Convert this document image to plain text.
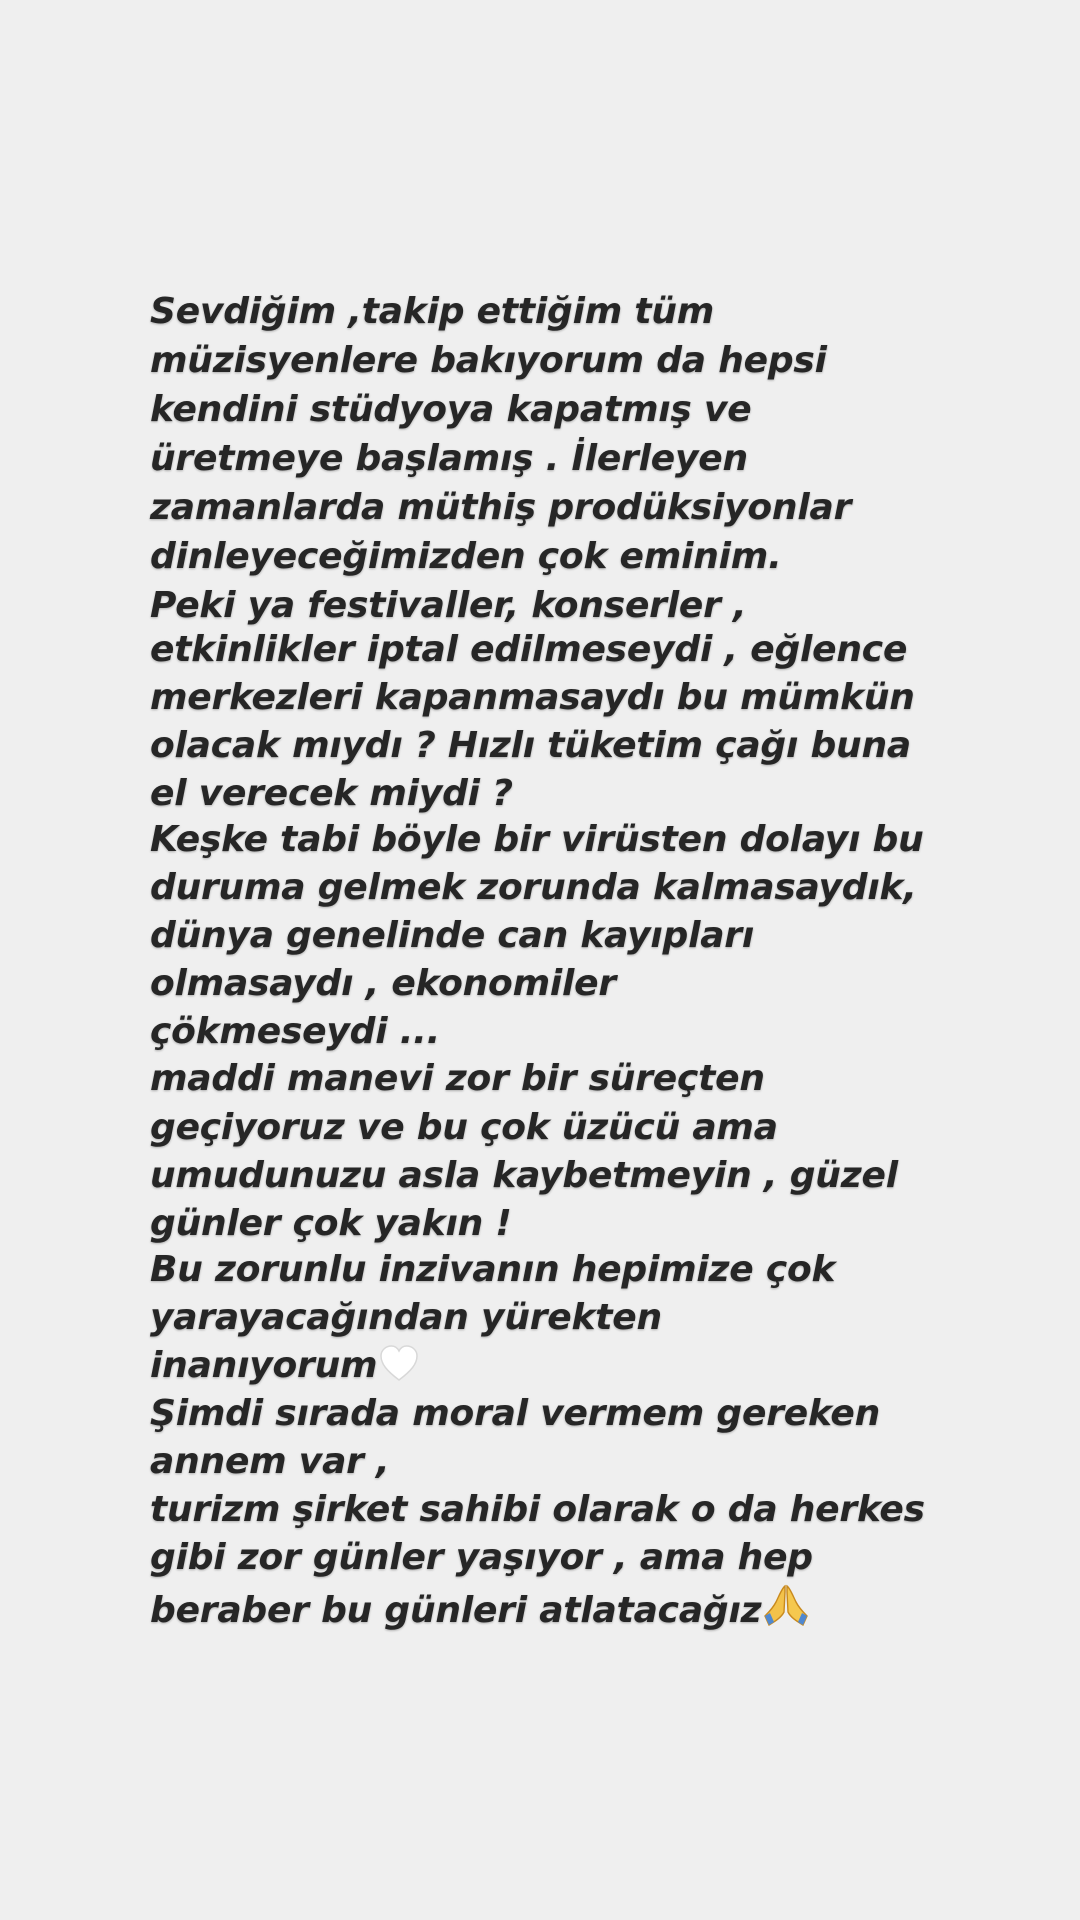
Sevdiğim ,takip ettiğim tüm
müzisyenlere bakıyorum da hepsi
kendini stüdyoya kapatmış ve
üretmeye başlamış . İlerleyen
zamanlarda müthiş prodüksiyonlar
dinleyeceğimizden çok eminim.
Peki ya festivaller, konserler ,
etkinlikler iptal edilmeseydi , eğlence
merkezleri kapanmasaydı bu mümkün
olacak mıydı ? Hızlı tüketim çağı buna
el verecek miydi ?
Keşke tabi böyle bir virüsten dolayı bu
duruma gelmek zorunda kalmasaydık,
dünya genelinde can kayıpları
olmasaydı , ekonomiler
çökmeseydi ...
maddi manevi zor bir süreçten
geçiyoruz ve bu çok üzücü ama
umudunuzu asla kaybetmeyin , güzel
günler çok yakın !
Bu zorunlu inzivanın hepimize çok
yarayacağından yürekten
inanıyorum
Şimdi sırada moral vermem gereken
annem var ,
turizm şirket sahibi olarak o da herkes
gibi zor günler yaşıyor , ama hep
beraber bu günleri atlatacağız
